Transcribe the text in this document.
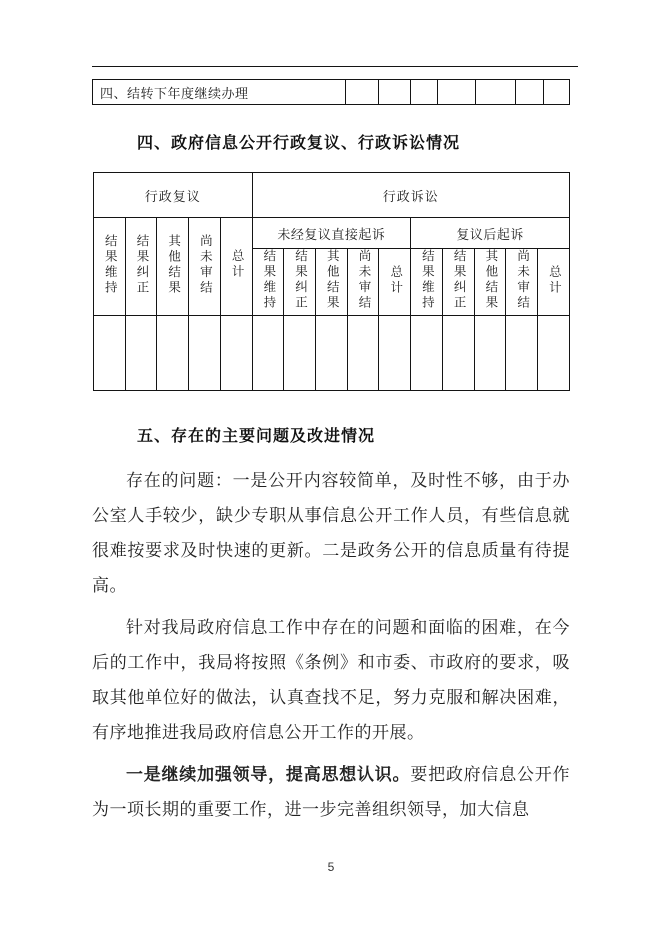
四、结转下年度继续办理							
四、政府信息公开行政复议、行政诉讼情况
行政复议					行政诉讼									
结果维持	结果纠正	其他结果	尚未审结	总计	未经复议直接起诉					复议后起诉				
					结果维持	结果纠正	其他结果	尚未审结	总计	结果维持	结果纠正	其他结果	尚未审结	总计

五、存在的主要问题及改进情况

存在的问题：一是公开内容较简单，及时性不够，由于办公室人手较少，缺少专职从事信息公开工作人员，有些信息就很难按要求及时快速的更新。二是政务公开的信息质量有待提高。

针对我局政府信息工作中存在的问题和面临的困难，在今后的工作中，我局将按照《条例》和市委、市政府的要求，吸取其他单位好的做法，认真查找不足，努力克服和解决困难，有序地推进我局政府信息公开工作的开展。

一是继续加强领导，提高思想认识。要把政府信息公开作为一项长期的重要工作，进一步完善组织领导，加大信息

5
